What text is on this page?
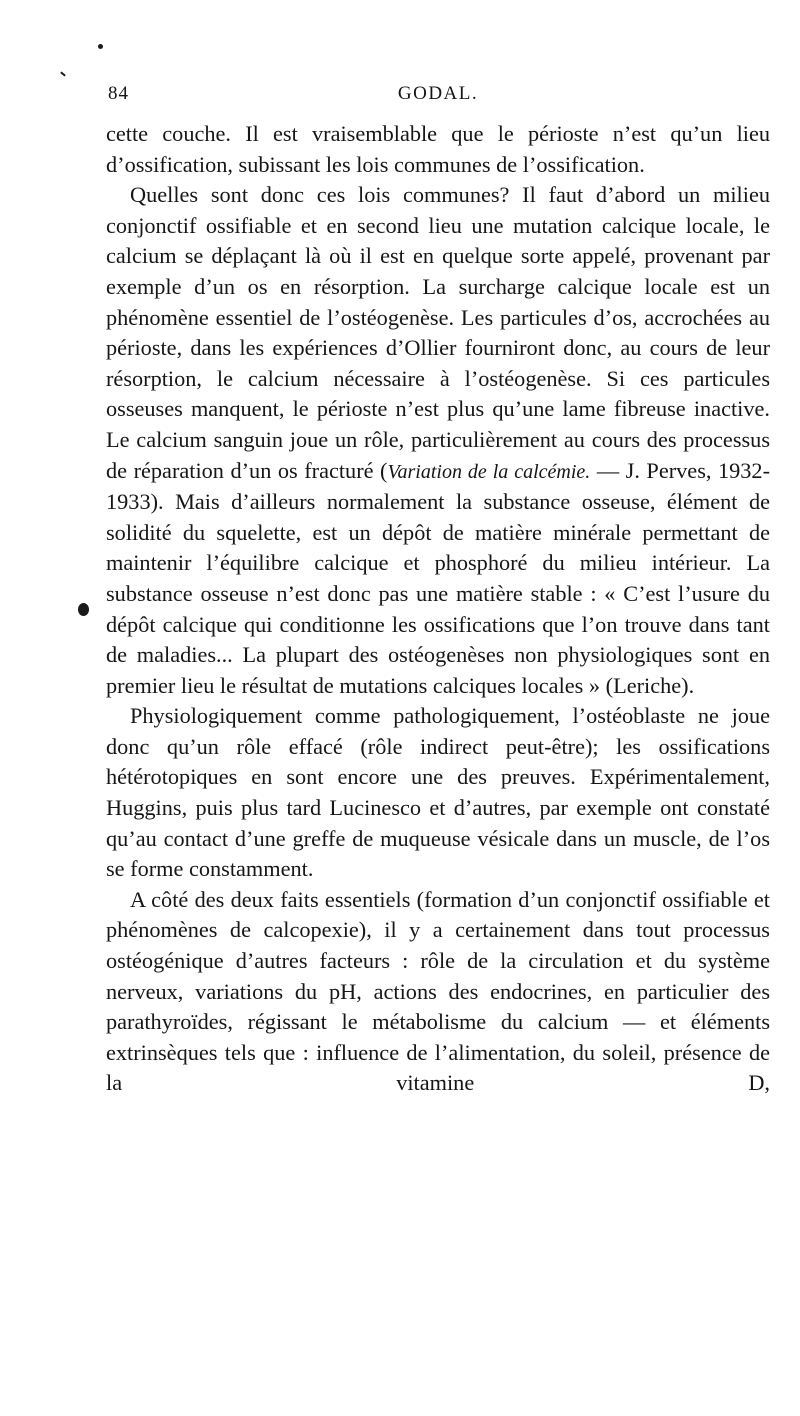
84	GODAL.

cette couche. Il est vraisemblable que le périoste n’est qu’un lieu d’ossification, subissant les lois communes de l’ossification.

Quelles sont donc ces lois communes? Il faut d’abord un milieu conjonctif ossifiable et en second lieu une mutation calcique locale, le calcium se déplaçant là où il est en quelque sorte appelé, provenant par exemple d’un os en résorption. La surcharge calcique locale est un phénomène essentiel de l’ostéogenèse. Les particules d’os, accrochées au périoste, dans les expériences d’Ollier fourniront donc, au cours de leur résorption, le calcium nécessaire à l’ostéogenèse. Si ces particules osseuses manquent, le périoste n’est plus qu’une lame fibreuse inactive. Le calcium sanguin joue un rôle, particulièrement au cours des processus de réparation d’un os fracturé (Variation de la calcémie. — J. Perves, 1932-1933). Mais d’ailleurs normalement la substance osseuse, élément de solidité du squelette, est un dépôt de matière minérale permettant de maintenir l’équilibre calcique et phosphoré du milieu intérieur. La substance osseuse n’est donc pas une matière stable : « C’est l’usure du dépôt calcique qui conditionne les ossifications que l’on trouve dans tant de maladies... La plupart des ostéogenèses non physiologiques sont en premier lieu le résultat de mutations calciques locales » (Leriche).

Physiologiquement comme pathologiquement, l’ostéoblaste ne joue donc qu’un rôle effacé (rôle indirect peut-être); les ossifications hétérotopiques en sont encore une des preuves. Expérimentalement, Huggins, puis plus tard Lucinesco et d’autres, par exemple ont constaté qu’au contact d’une greffe de muqueuse vésicale dans un muscle, de l’os se forme constamment.

A côté des deux faits essentiels (formation d’un conjonctif ossifiable et phénomènes de calcopexie), il y a certainement dans tout processus ostéogénique d’autres facteurs : rôle de la circulation et du système nerveux, variations du pH, actions des endocrines, en particulier des parathyroïdes, régissant le métabolisme du calcium — et éléments extrinsèques tels que : influence de l’alimentation, du soleil, présence de la vitamine D,
